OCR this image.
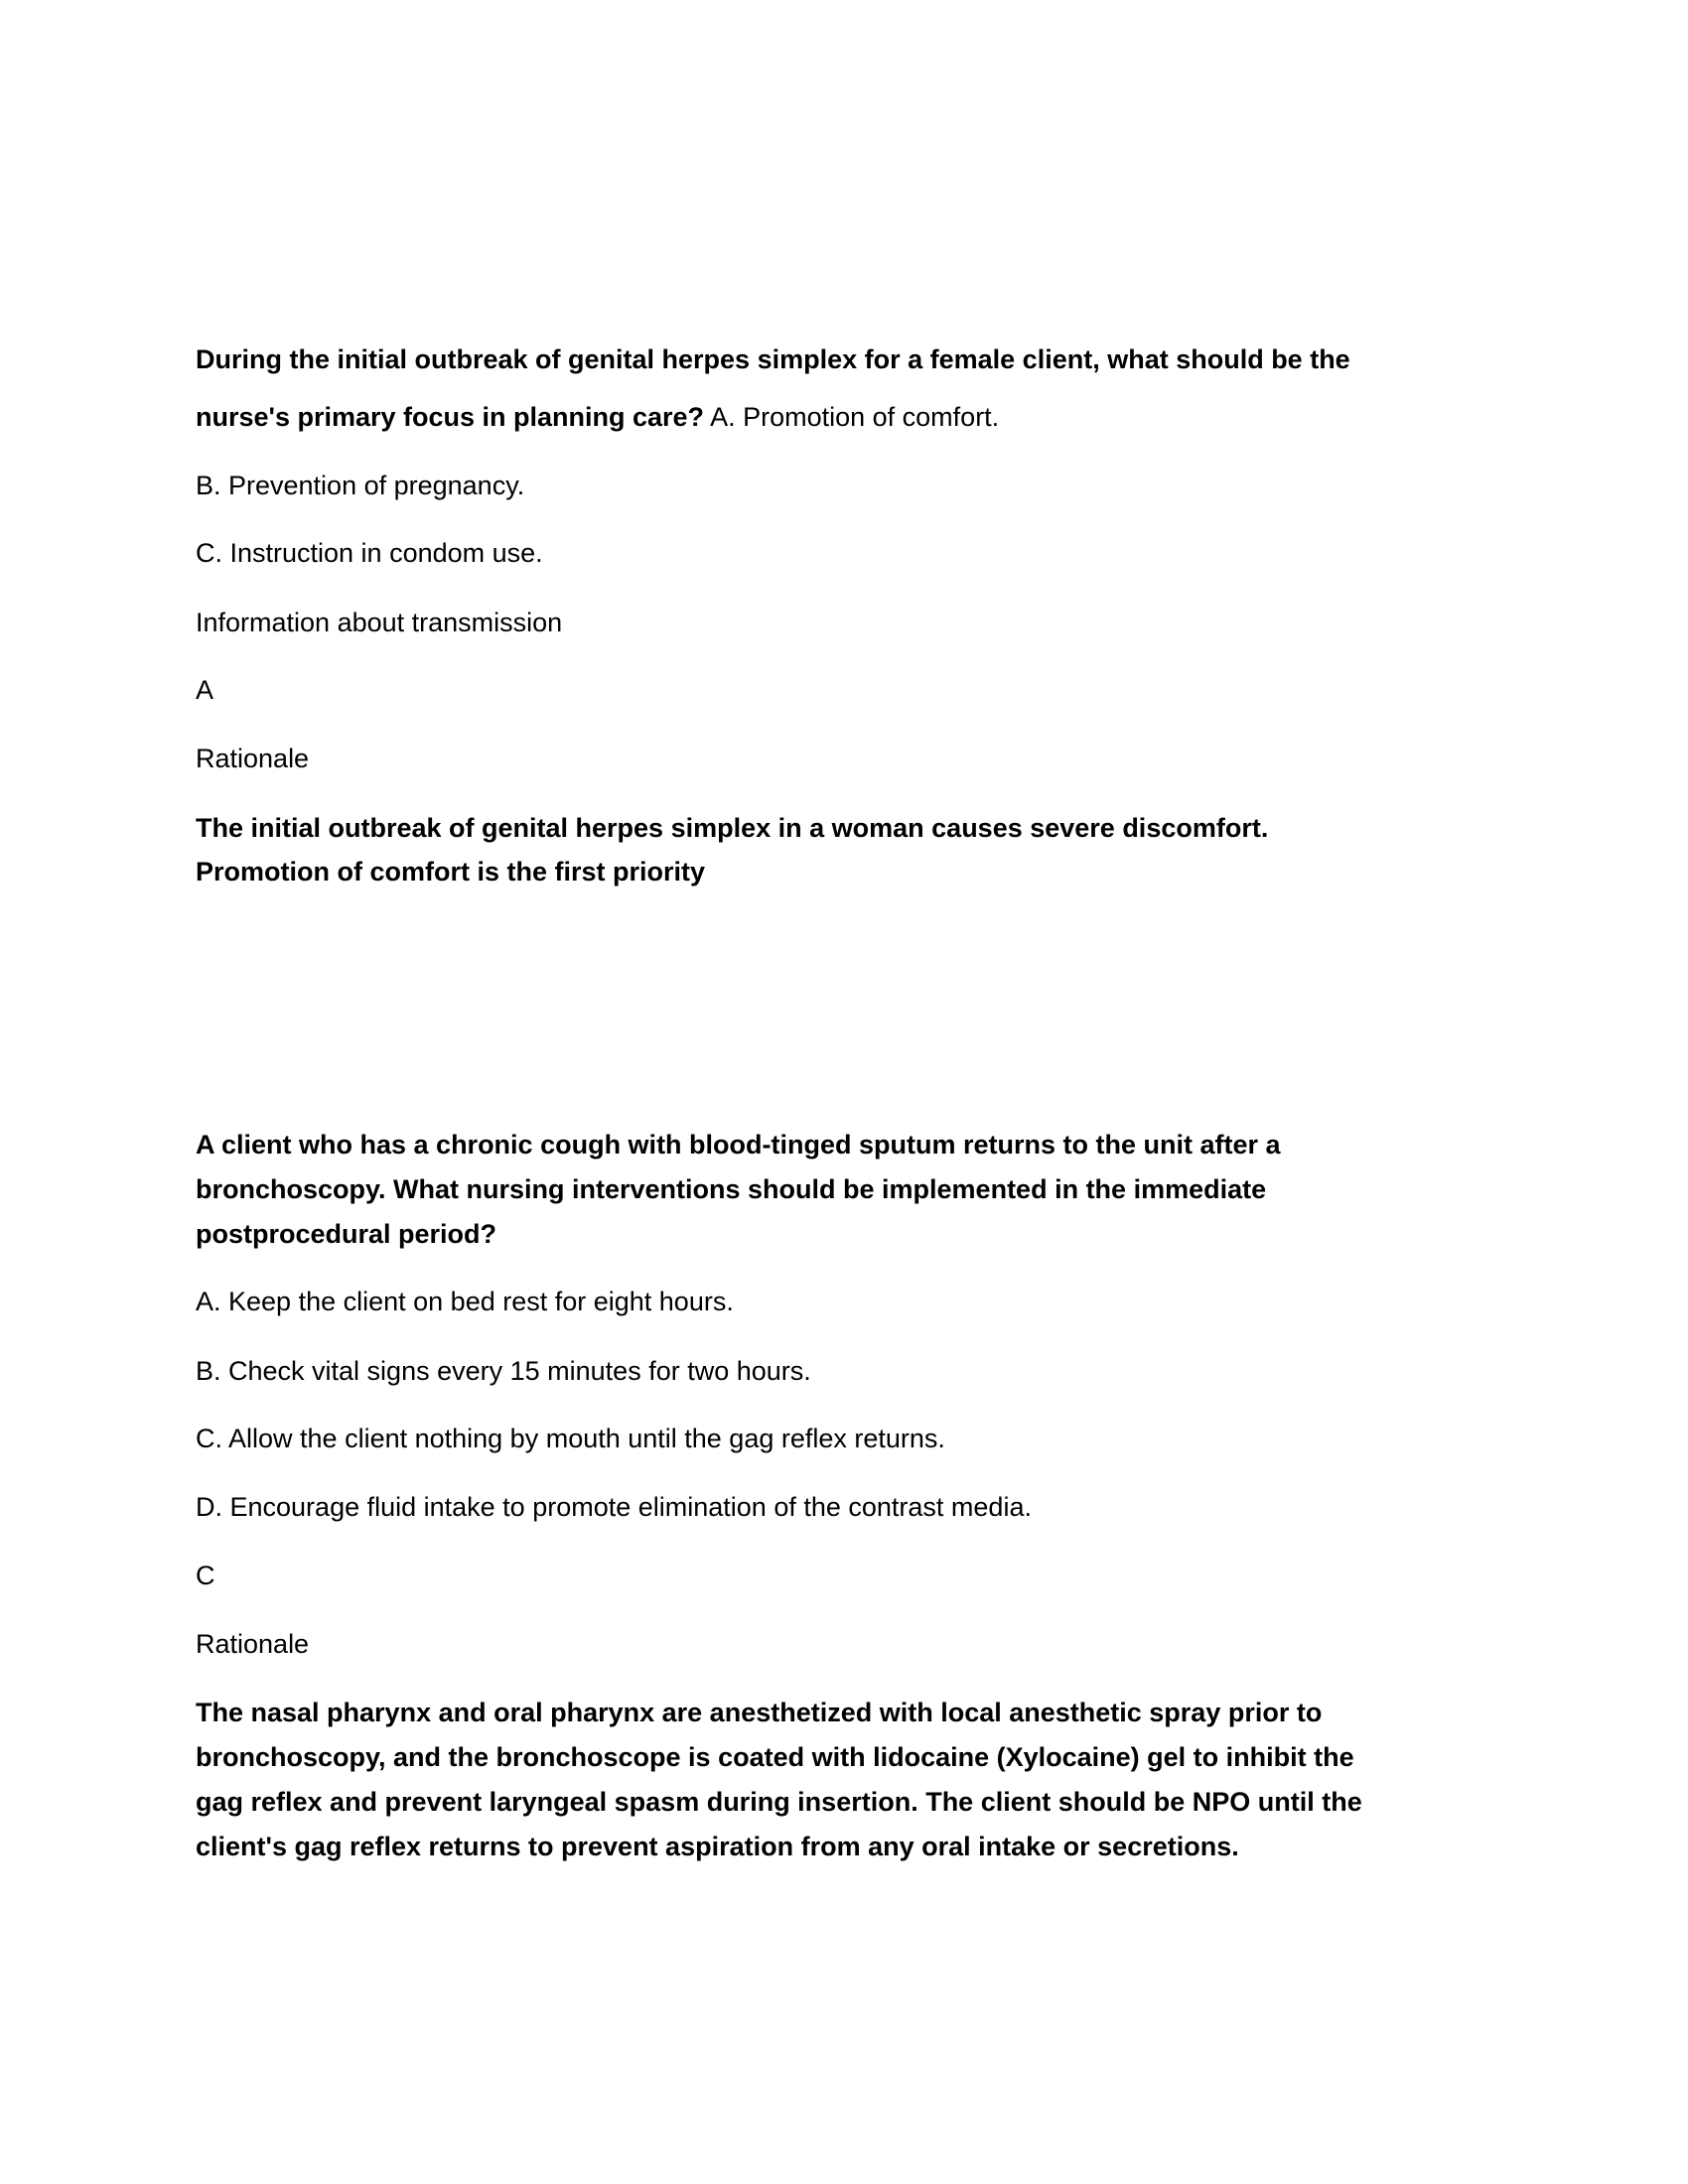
During the initial outbreak of genital herpes simplex for a female client, what should be the
nurse's primary focus in planning care? A. Promotion of comfort.
B. Prevention of pregnancy.
C. Instruction in condom use.
Information about transmission
A
Rationale
The initial outbreak of genital herpes simplex in a woman causes severe discomfort.
Promotion of comfort is the first priority
A client who has a chronic cough with blood-tinged sputum returns to the unit after a
bronchoscopy. What nursing interventions should be implemented in the immediate
postprocedural period?
A. Keep the client on bed rest for eight hours.
B. Check vital signs every 15 minutes for two hours.
C. Allow the client nothing by mouth until the gag reflex returns.
D. Encourage fluid intake to promote elimination of the contrast media.
C
Rationale
The nasal pharynx and oral pharynx are anesthetized with local anesthetic spray prior to
bronchoscopy, and the bronchoscope is coated with lidocaine (Xylocaine) gel to inhibit the
gag reflex and prevent laryngeal spasm during insertion. The client should be NPO until the
client's gag reflex returns to prevent aspiration from any oral intake or secretions.
